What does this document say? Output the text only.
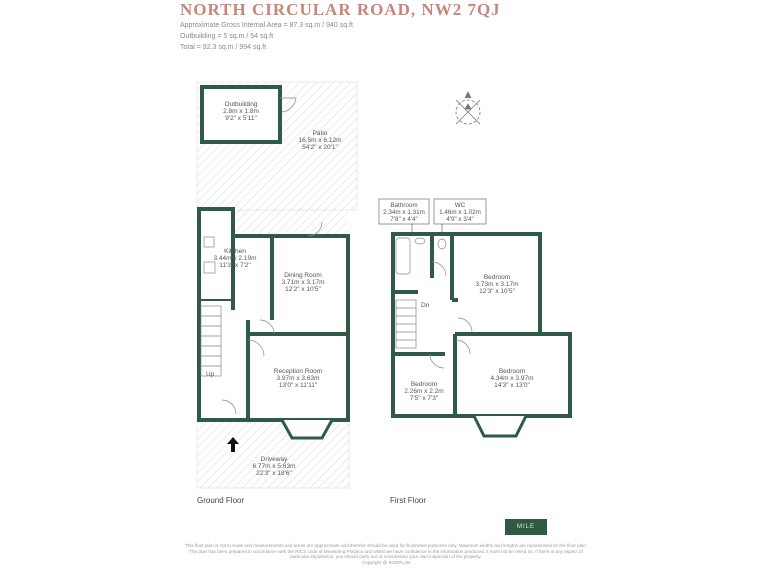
NORTH CIRCULAR ROAD, NW2 7QJ
Approximate Gross Internal Area = 87.3 sq.m / 940 sq.ft
Outbuilding = 5 sq.m / 54 sq.ft
Total = 92.3 sq.m / 994 sq.ft
Outbuilding
2.8m x 1.8m
9'2" x 5'11"
Patio
16.5m x 6.12m
54'2" x 20'1"
Kitchen
3.44m x 2.19m
11'3" x 7'2"
Dining Room
3.71m x 3.17m
12'2" x 10'5"
Reception Room
3.97m x 3.63m
13'0" x 11'11"
Driveway
6.77m x 5.63m
22'3" x 18'6"
Up
Ground Floor
Bathroom
2.34m x 1.31m
7'8" x 4'4"
WC
1.46m x 1.02m
4'9" x 3'4"
Bedroom
3.73m x 3.17m
12'3" x 10'5"
Bedroom
4.34m x 3.97m
14'3" x 13'0"
Bedroom
2.26m x 2.2m
7'5" x 7'3"
Dn
First Floor
MILE
This floor plan is not to scale and measurements and areas are approximate and therefor should be used for illustrative purposes only. Maximum widths and lengths are represented on the floor plan. The plan has been prepared in accordance with the RICS code of Measuring Practice and whilst we have confidence in the information produced, it must not be relied on. If there is any aspect of particular importance, you should carry out or commission your own inspection of the property.
Copyright @ RUEPLAN
